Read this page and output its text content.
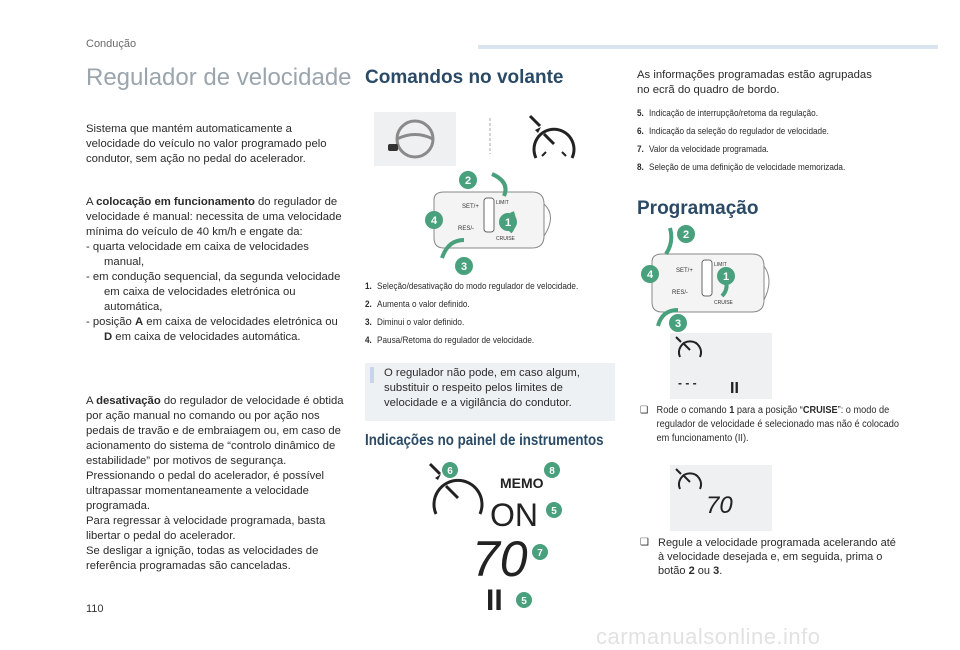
Condução
Regulador de velocidade

Sistema que mantém automaticamente a velocidade do veículo no valor programado pelo condutor, sem ação no pedal do acelerador.

A colocação em funcionamento do regulador de velocidade é manual: necessita de uma velocidade mínima do veículo de 40 km/h e engate da:

- quarta velocidade em caixa de velocidades manual,

- em condução sequencial, da segunda velocidade em caixa de velocidades eletrónica ou automática,

- posição A em caixa de velocidades eletrónica ou D em caixa de velocidades automática.

A desativação do regulador de velocidade é obtida por ação manual no comando ou por ação nos pedais de travão e de embraiagem ou, em caso de acionamento do sistema de “controlo dinâmico de estabilidade” por motivos de segurança.

Pressionando o pedal do acelerador, é possível ultrapassar momentaneamente a velocidade programada.

Para regressar à velocidade programada, basta libertar o pedal do acelerador.

Se desligar a ignição, todas as velocidades de referência programadas são canceladas.

Comandos no volante
SET/+
RES/-
LIMIT
CRUISE
1
2
3
4
1. Seleção/desativação do modo regulador de velocidade.
2. Aumenta o valor definido.
3. Diminui o valor definido.
4. Pausa/Retoma do regulador de velocidade.
O regulador não pode, em caso algum, substituir o respeito pelos limites de velocidade e a vigilância do condutor.
Indicações no painel de instrumentos
MEMO
ON
70
II
5
5
6
7
8
As informações programadas estão agrupadas no ecrã do quadro de bordo.
5. Indicação de interrupção/retoma da regulação.
6. Indicação da seleção do regulador de velocidade.
7. Valor da velocidade programada.
8. Seleção de uma definição de velocidade memorizada.
Programação
SET/+
RES/-
LIMIT
CRUISE
1
2
3
4
- - - II
❑ Rode o comando 1 para a posição “CRUISE”: o modo de regulador de velocidade é selecionado mas não é colocado em funcionamento (II).
70
❑ Regule a velocidade programada acelerando até à velocidade desejada e, em seguida, prima o botão 2 ou 3.
110
carmanualsonline.info
